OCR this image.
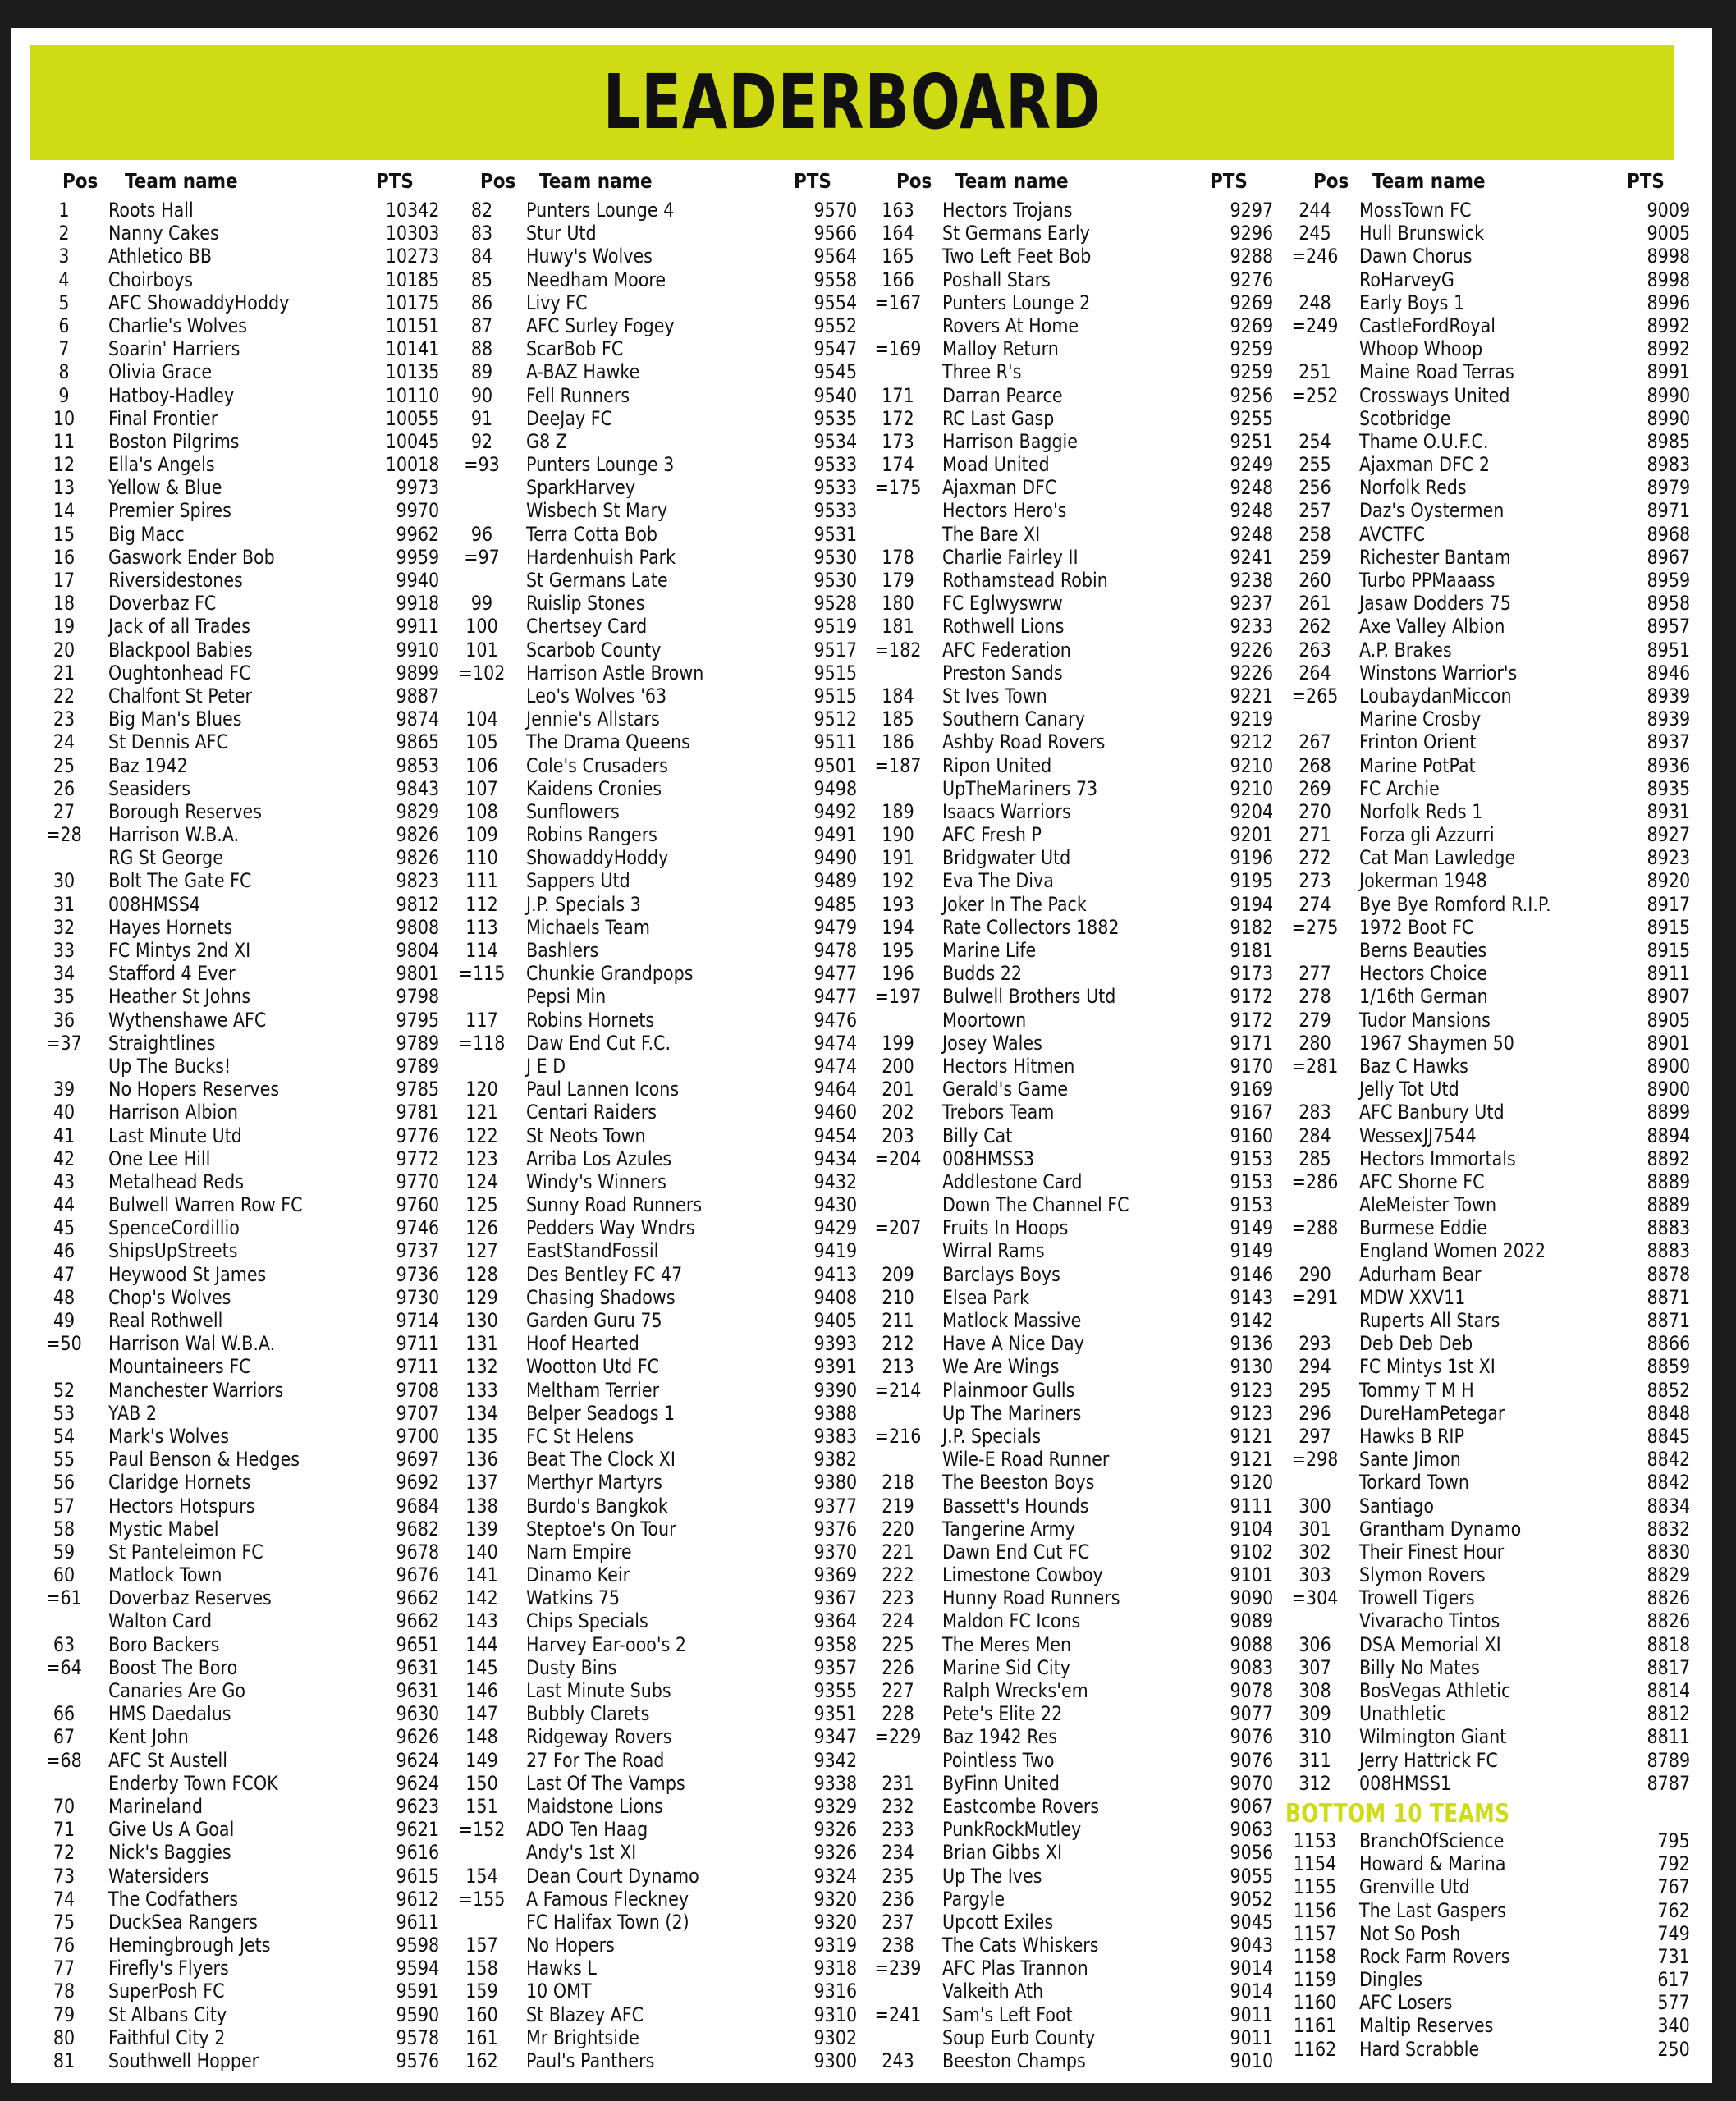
LEADERBOARD
Pos Team name	PTS
1	Roots Hall	10342
2	Nanny Cakes	10303
3	Athletico BB	10273
4	Choirboys	10185
5	AFC ShowaddyHoddy	10175
6	Charlie's Wolves	10151
7	Soarin' Harriers	10141
8	Olivia Grace	10135
9	Hatboy-Hadley	10110
10	Final Frontier	10055
11	Boston Pilgrims	10045
12	Ella's Angels	10018
13	Yellow & Blue	9973
14	Premier Spires	9970
15	Big Macc	9962
16	Gaswork Ender Bob	9959
17	Riversidestones	9940
18	Doverbaz FC	9918
19	Jack of all Trades	9911
20	Blackpool Babies	9910
21	Oughtonhead FC	9899
22	Chalfont St Peter	9887
23	Big Man's Blues	9874
24	St Dennis AFC	9865
25	Baz 1942	9853
26	Seasiders	9843
27	Borough Reserves	9829
=28	Harrison W.B.A.	9826
RG St George	9826
30	Bolt The Gate FC	9823
31	008HMSS4	9812
32	Hayes Hornets	9808
33	FC Mintys 2nd XI	9804
34	Stafford 4 Ever	9801
35	Heather St Johns	9798
36	Wythenshawe AFC	9795
=37	Straightlines	9789
Up The Bucks!	9789
39	No Hopers Reserves	9785
40	Harrison Albion	9781
41	Last Minute Utd	9776
42	One Lee Hill	9772
43	Metalhead Reds	9770
44	Bulwell Warren Row FC	9760
45	SpenceCordillio	9746
46	ShipsUpStreets	9737
47	Heywood St James	9736
48	Chop's Wolves	9730
49	Real Rothwell	9714
=50	Harrison Wal W.B.A.	9711
Mountaineers FC	9711
52	Manchester Warriors	9708
53	YAB 2	9707
54	Mark's Wolves	9700
55	Paul Benson & Hedges	9697
56	Claridge Hornets	9692
57	Hectors Hotspurs	9684
58	Mystic Mabel	9682
59	St Panteleimon FC	9678
60	Matlock Town	9676
=61	Doverbaz Reserves	9662
Walton Card	9662
63	Boro Backers	9651
=64	Boost The Boro	9631
Canaries Are Go	9631
66	HMS Daedalus	9630
67	Kent John	9626
=68	AFC St Austell	9624
Enderby Town FCOK	9624
70	Marineland	9623
71	Give Us A Goal	9621
72	Nick's Baggies	9616
73	Watersiders	9615
74	The Codfathers	9612
75	DuckSea Rangers	9611
76	Hemingbrough Jets	9598
77	Firefly's Flyers	9594
78	SuperPosh FC	9591
79	St Albans City	9590
80	Faithful City 2	9578
81	Southwell Hopper	9576
Pos Team name	PTS
82	Punters Lounge 4	9570
83	Stur Utd	9566
84	Huwy's Wolves	9564
85	Needham Moore	9558
86	Livy FC	9554
87	AFC Surley Fogey	9552
88	ScarBob FC	9547
89	A-BAZ Hawke	9545
90	Fell Runners	9540
91	DeeJay FC	9535
92	G8 Z	9534
=93	Punters Lounge 3	9533
SparkHarvey	9533
Wisbech St Mary	9533
96	Terra Cotta Bob	9531
=97	Hardenhuish Park	9530
St Germans Late	9530
99	Ruislip Stones	9528
100	Chertsey Card	9519
101	Scarbob County	9517
=102 Harrison Astle Brown	9515
Leo's Wolves '63	9515
104	Jennie's Allstars	9512
105	The Drama Queens	9511
106	Cole's Crusaders	9501
107	Kaidens Cronies	9498
108	Sunflowers	9492
109	Robins Rangers	9491
110	ShowaddyHoddy	9490
111	Sappers Utd	9489
112	J.P. Specials 3	9485
113	Michaels Team	9479
114	Bashlers	9478
=115 Chunkie Grandpops	9477
Pepsi Min	9477
117	Robins Hornets	9476
=118 Daw End Cut F.C.	9474
J E D	9474
120	Paul Lannen Icons	9464
121	Centari Raiders	9460
122	St Neots Town	9454
123	Arriba Los Azules	9434
124	Windy's Winners	9432
125	Sunny Road Runners	9430
126	Pedders Way Wndrs	9429
127	EastStandFossil	9419
128	Des Bentley FC 47	9413
129	Chasing Shadows	9408
130	Garden Guru 75	9405
131	Hoof Hearted	9393
132	Wootton Utd FC	9391
133	Meltham Terrier	9390
134	Belper Seadogs 1	9388
135	FC St Helens	9383
136	Beat The Clock XI	9382
137	Merthyr Martyrs	9380
138	Burdo's Bangkok	9377
139	Steptoe's On Tour	9376
140	Narn Empire	9370
141	Dinamo Keir	9369
142	Watkins 75	9367
143	Chips Specials	9364
144	Harvey Ear-ooo's 2	9358
145	Dusty Bins	9357
146	Last Minute Subs	9355
147	Bubbly Clarets	9351
148	Ridgeway Rovers	9347
149	27 For The Road	9342
150	Last Of The Vamps	9338
151	Maidstone Lions	9329
=152 ADO Ten Haag	9326
Andy's 1st XI	9326
154	Dean Court Dynamo	9324
=155 A Famous Fleckney	9320
FC Halifax Town (2)	9320
157	No Hopers	9319
158	Hawks L	9318
159	10 OMT	9316
160	St Blazey AFC	9310
161	Mr Brightside	9302
162	Paul's Panthers	9300
Pos Team name	PTS
163	Hectors Trojans	9297
164	St Germans Early	9296
165	Two Left Feet Bob	9288
166	Poshall Stars	9276
=167 Punters Lounge 2	9269
Rovers At Home	9269
=169 Malloy Return	9259
Three R's	9259
171	Darran Pearce	9256
172	RC Last Gasp	9255
173	Harrison Baggie	9251
174	Moad United	9249
=175 Ajaxman DFC	9248
Hectors Hero's	9248
The Bare XI	9248
178	Charlie Fairley II	9241
179	Rothamstead Robin	9238
180	FC Eglwyswrw	9237
181	Rothwell Lions	9233
=182 AFC Federation	9226
Preston Sands	9226
184	St Ives Town	9221
185	Southern Canary	9219
186	Ashby Road Rovers	9212
=187 Ripon United	9210
UpTheMariners 73	9210
189	Isaacs Warriors	9204
190	AFC Fresh P	9201
191	Bridgwater Utd	9196
192	Eva The Diva	9195
193	Joker In The Pack	9194
194	Rate Collectors 1882	9182
195	Marine Life	9181
196	Budds 22	9173
=197 Bulwell Brothers Utd	9172
Moortown	9172
199	Josey Wales	9171
200	Hectors Hitmen	9170
201	Gerald's Game	9169
202	Trebors Team	9167
203	Billy Cat	9160
=204 008HMSS3	9153
Addlestone Card	9153
Down The Channel FC	9153
=207 Fruits In Hoops	9149
Wirral Rams	9149
209	Barclays Boys	9146
210	Elsea Park	9143
211	Matlock Massive	9142
212	Have A Nice Day	9136
213	We Are Wings	9130
=214 Plainmoor Gulls	9123
Up The Mariners	9123
=216 J.P. Specials	9121
Wile-E Road Runner	9121
218	The Beeston Boys	9120
219	Bassett's Hounds	9111
220	Tangerine Army	9104
221	Dawn End Cut FC	9102
222	Limestone Cowboy	9101
223	Hunny Road Runners	9090
224	Maldon FC Icons	9089
225	The Meres Men	9088
226	Marine Sid City	9083
227	Ralph Wrecks'em	9078
228	Pete's Elite 22	9077
=229 Baz 1942 Res	9076
Pointless Two	9076
231	ByFinn United	9070
232	Eastcombe Rovers	9067
233	PunkRockMutley	9063
234	Brian Gibbs XI	9056
235	Up The Ives	9055
236	Pargyle	9052
237	Upcott Exiles	9045
238	The Cats Whiskers	9043
=239 AFC Plas Trannon	9014
Valkeith Ath	9014
=241 Sam's Left Foot	9011
Soup Eurb County	9011
243	Beeston Champs	9010
Pos Team name	PTS
244	MossTown FC	9009
245	Hull Brunswick	9005
=246 Dawn Chorus	8998
RoHarveyG	8998
248	Early Boys 1	8996
=249 CastleFordRoyal	8992
Whoop Whoop	8992
251	Maine Road Terras	8991
=252 Crossways United	8990
Scotbridge	8990
254	Thame O.U.F.C.	8985
255	Ajaxman DFC 2	8983
256	Norfolk Reds	8979
257	Daz's Oystermen	8971
258	AVCTFC	8968
259	Richester Bantam	8967
260	Turbo PPMaaass	8959
261	Jasaw Dodders 75	8958
262	Axe Valley Albion	8957
263	A.P. Brakes	8951
264	Winstons Warrior's	8946
=265 LoubaydanMiccon	8939
Marine Crosby	8939
267	Frinton Orient	8937
268	Marine PotPat	8936
269	FC Archie	8935
270	Norfolk Reds 1	8931
271	Forza gli Azzurri	8927
272	Cat Man Lawledge	8923
273	Jokerman 1948	8920
274	Bye Bye Romford R.I.P.	8917
=275 1972 Boot FC	8915
Berns Beauties	8915
277	Hectors Choice	8911
278	1/16th German	8907
279	Tudor Mansions	8905
280	1967 Shaymen 50	8901
=281 Baz C Hawks	8900
Jelly Tot Utd	8900
283	AFC Banbury Utd	8899
284	WessexJJ7544	8894
285	Hectors Immortals	8892
=286 AFC Shorne FC	8889
AleMeister Town	8889
=288 Burmese Eddie	8883
England Women 2022	8883
290	Adurham Bear	8878
=291 MDW XXV11	8871
Ruperts All Stars	8871
293	Deb Deb Deb	8866
294	FC Mintys 1st XI	8859
295	Tommy T M H	8852
296	DureHamPetegar	8848
297	Hawks B RIP	8845
=298 Sante Jimon	8842
Torkard Town	8842
300	Santiago	8834
301	Grantham Dynamo	8832
302	Their Finest Hour	8830
303	Slymon Rovers	8829
=304 Trowell Tigers	8826
Vivaracho Tintos	8826
306	DSA Memorial XI	8818
307	Billy No Mates	8817
308	BosVegas Athletic	8814
309	Unathletic	8812
310	Wilmington Giant	8811
311	Jerry Hattrick FC	8789
312	008HMSS1	8787
BOTTOM 10 TEAMS
1153 BranchOfScience	795
1154 Howard & Marina	792
1155 Grenville Utd	767
1156 The Last Gaspers	762
1157 Not So Posh	749
1158 Rock Farm Rovers	731
1159 Dingles	617
1160 AFC Losers	577
1161 Maltip Reserves	340
1162 Hard Scrabble	250
